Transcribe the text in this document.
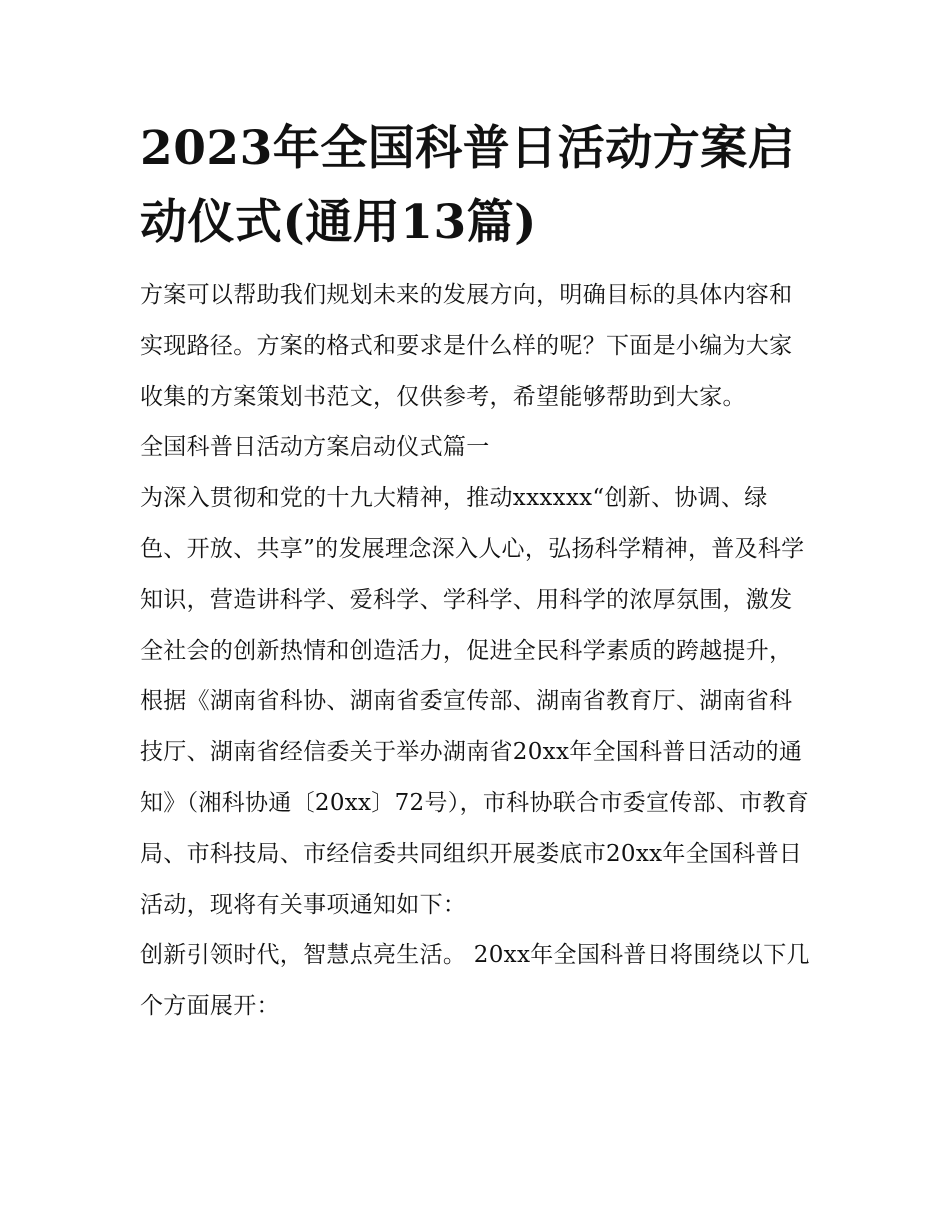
2023年全国科普日活动方案启动仪式(通用13篇)

方案可以帮助我们规划未来的发展方向，明确目标的具体内容和实现路径。方案的格式和要求是什么样的呢？下面是小编为大家收集的方案策划书范文，仅供参考，希望能够帮助到大家。

全国科普日活动方案启动仪式篇一

为深入贯彻和党的十九大精神，推动xxxxxx“创新、协调、绿色、开放、共享”的发展理念深入人心，弘扬科学精神，普及科学知识，营造讲科学、爱科学、学科学、用科学的浓厚氛围，激发全社会的创新热情和创造活力，促进全民科学素质的跨越提升，根据《湖南省科协、湖南省委宣传部、湖南省教育厅、湖南省科技厅、湖南省经信委关于举办湖南省20xx年全国科普日活动的通知》（湘科协通〔20xx〕72号），市科协联合市委宣传部、市教育局、市科技局、市经信委共同组织开展娄底市20xx年全国科普日活动，现将有关事项通知如下：

创新引领时代，智慧点亮生活。 20xx年全国科普日将围绕以下几个方面展开：
